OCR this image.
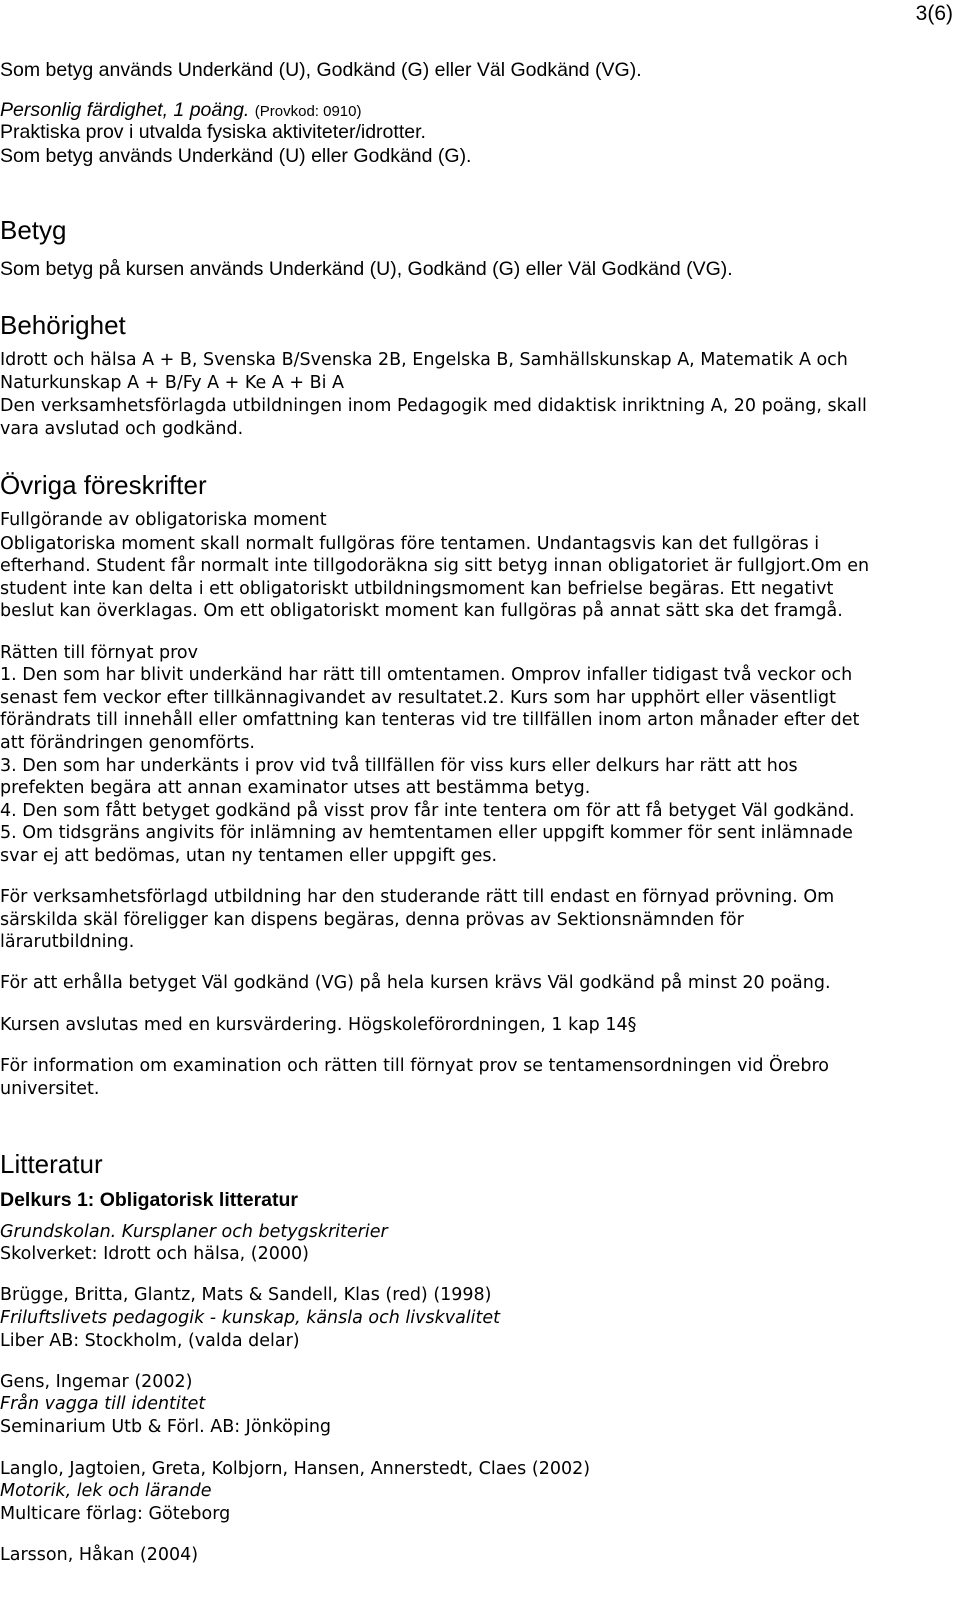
3(6)
Som betyg används Underkänd (U), Godkänd (G) eller Väl Godkänd (VG).
Personlig färdighet, 1 poäng. (Provkod: 0910)
Praktiska prov i utvalda fysiska aktiviteter/idrotter.
Som betyg används Underkänd (U) eller Godkänd (G).
Betyg
Som betyg på kursen används Underkänd (U), Godkänd (G) eller Väl Godkänd (VG).
Behörighet
Idrott och hälsa A + B, Svenska B/Svenska 2B, Engelska B, Samhällskunskap A, Matematik A och
Naturkunskap A + B/Fy A + Ke A + Bi A
Den verksamhetsförlagda utbildningen inom Pedagogik med didaktisk inriktning A, 20 poäng, skall
vara avslutad och godkänd.
Övriga föreskrifter
Fullgörande av obligatoriska moment
Obligatoriska moment skall normalt fullgöras före tentamen. Undantagsvis kan det fullgöras i
efterhand. Student får normalt inte tillgodoräkna sig sitt betyg innan obligatoriet är fullgjort.Om en
student inte kan delta i ett obligatoriskt utbildningsmoment kan befrielse begäras. Ett negativt
beslut kan överklagas. Om ett obligatoriskt moment kan fullgöras på annat sätt ska det framgå.
Rätten till förnyat prov
1. Den som har blivit underkänd har rätt till omtentamen. Omprov infaller tidigast två veckor och
senast fem veckor efter tillkännagivandet av resultatet.2. Kurs som har upphört eller väsentligt
förändrats till innehåll eller omfattning kan tenteras vid tre tillfällen inom arton månader efter det
att förändringen genomförts.
3. Den som har underkänts i prov vid två tillfällen för viss kurs eller delkurs har rätt att hos
prefekten begära att annan examinator utses att bestämma betyg.
4. Den som fått betyget godkänd på visst prov får inte tentera om för att få betyget Väl godkänd.
5. Om tidsgräns angivits för inlämning av hemtentamen eller uppgift kommer för sent inlämnade
svar ej att bedömas, utan ny tentamen eller uppgift ges.
För verksamhetsförlagd utbildning har den studerande rätt till endast en förnyad prövning. Om
särskilda skäl föreligger kan dispens begäras, denna prövas av Sektionsnämnden för
lärarutbildning.
För att erhålla betyget Väl godkänd (VG) på hela kursen krävs Väl godkänd på minst 20 poäng.
Kursen avslutas med en kursvärdering. Högskoleförordningen, 1 kap 14§
För information om examination och rätten till förnyat prov se tentamensordningen vid Örebro
universitet.
Litteratur
Delkurs 1: Obligatorisk litteratur
Grundskolan. Kursplaner och betygskriterier
Skolverket: Idrott och hälsa, (2000)
Brügge, Britta, Glantz, Mats & Sandell, Klas (red) (1998)
Friluftslivets pedagogik - kunskap, känsla och livskvalitet
Liber AB: Stockholm, (valda delar)
Gens, Ingemar (2002)
Från vagga till identitet
Seminarium Utb & Förl. AB: Jönköping
Langlo, Jagtoien, Greta, Kolbjorn, Hansen, Annerstedt, Claes (2002)
Motorik, lek och lärande
Multicare förlag: Göteborg
Larsson, Håkan (2004)
